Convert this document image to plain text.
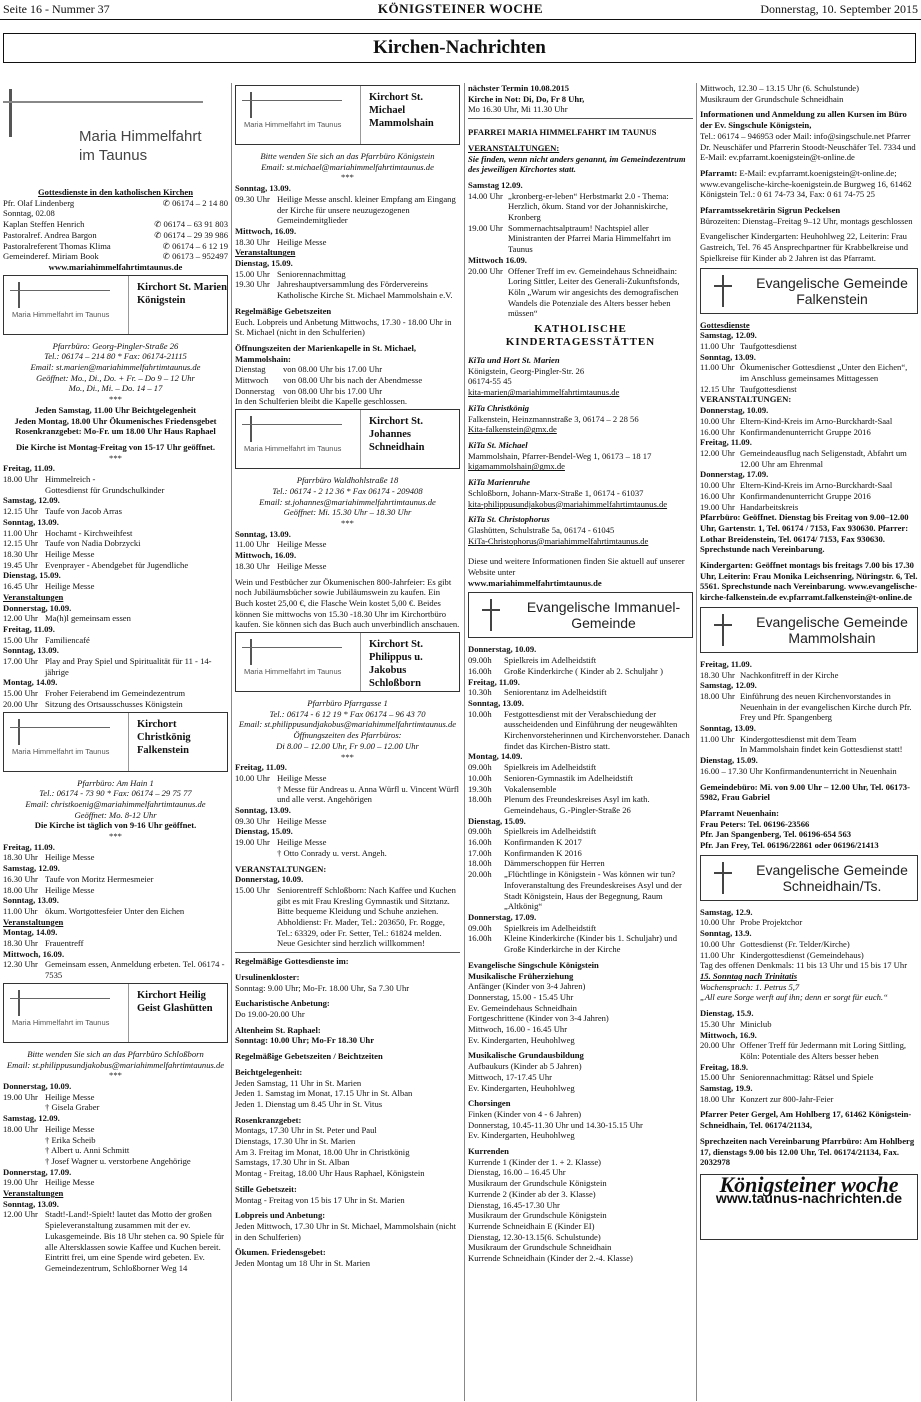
Seite 16 - Nummer 37	KÖNIGSTEINER WOCHE	Donnerstag, 10. September 2015
Kirchen-Nachrichten
Maria Himmelfahrt im Taunus
Gottesdienste in den katholischen Kirchen
Pfr. Olaf Lindenberg	✆ 06174 – 2 14 80
Sonntag, 02.08
Kaplan Steffen Henrich	✆ 06174 – 63 91 803
Pastoralref. Andrea Bargon	✆ 06174 – 29 39 986
Pastoralreferent Thomas Klima	✆ 06174 – 6 12 19
Gemeinderef. Miriam Book	✆ 06173 – 952497
www.mariahimmelfahrtimtaunus.de
Maria Himmelfahrt im Taunus
Kirchort St. Marien Königstein
Pfarrbüro: Georg-Pingler-Straße 26
Tel.: 06174 – 214 80 * Fax: 06174-21115
Email: st.marien@mariahimmelfahrtimtaunus.de
Geöffnet: Mo., Di., Do. + Fr. – Do 9 – 12 Uhr
Mo., Di., Mi. – Do. 14 – 17
***
Jeden Samstag, 11.00 Uhr Beichtgelegenheit
Jeden Montag, 18.00 Uhr Ökumenisches Friedensgebet
Rosenkranzgebet: Mo-Fr. um 18.00 Uhr Haus Raphael
Die Kirche ist Montag-Freitag von 15-17 Uhr geöffnet.
***
Freitag, 11.09.
18.00 Uhr Himmelreich -
Gottesdienst für Grundschulkinder
Samstag, 12.09.
12.15 Uhr Taufe von Jacob Arras
Sonntag, 13.09.
11.00 Uhr Hochamt - Kirchweihfest
12.15 Uhr Taufe von Nadia Dobrzycki
18.30 Uhr Heilige Messe
19.45 Uhr Evenprayer - Abendgebet für Jugendliche
Dienstag, 15.09.
16.45 Uhr Heilige Messe
Veranstaltungen
Donnerstag, 10.09.
12.00 Uhr Ma(h)l gemeinsam essen
Freitag, 11.09.
15.00 Uhr Familiencafé
Sonntag, 13.09.
17.00 Uhr Play and Pray Spiel und Spiritualität für 11 - 14-jährige
Montag, 14.09.
15.00 Uhr Froher Feierabend im Gemeindezentrum
20.00 Uhr Sitzung des Ortsausschusses Königstein
Maria Himmelfahrt im Taunus
Kirchort Christkönig Falkenstein
Pfarrbüro: Am Hain 1
Tel.: 06174 - 73 90 * Fax: 06174 – 29 75 77
Email: christkoenig@mariahimmelfahrtimtaunus.de
Geöffnet: Mo. 8-12 Uhr
Die Kirche ist täglich von 9-16 Uhr geöffnet.
***
Freitag, 11.09.
18.30 Uhr Heilige Messe
Samstag, 12.09.
16.30 Uhr Taufe von Moritz Hermesmeier
18.00 Uhr Heilige Messe
Sonntag, 13.09.
11.00 Uhr ökum. Wortgottesfeier Unter den Eichen
Veranstaltungen
Montag, 14.09.
18.30 Uhr Frauentreff
Mittwoch, 16.09.
12.30 Uhr Gemeinsam essen, Anmeldung erbeten. Tel. 06174 - 7535
Maria Himmelfahrt im Taunus
Kirchort Heilig Geist Glashütten
Bitte wenden Sie sich an das Pfarrbüro Schloßborn
Email: st.philippusundjakobus@mariahimmelfahrtimtaunus.de
***
Donnerstag, 10.09.
19.00 Uhr Heilige Messe
† Gisela Graber
Samstag, 12.09.
18.00 Uhr Heilige Messe
† Erika Scheib
† Albert u. Anni Schmitt
† Josef Wagner u. verstorbene Angehörige
Donnerstag, 17.09.
19.00 Uhr Heilige Messe
Veranstaltungen
Sonntag, 13.09.
12.00 Uhr Stadt!-Land!-Spielt! lautet das Motto der großen Spieleveranstaltung zusammen mit der ev. Lukasgemeinde. Bis 18 Uhr stehen ca. 90 Spiele für alle Altersklassen sowie Kaffee und Kuchen bereit. Eintritt frei, um eine Spende wird gebeten. Ev. Gemeindezentrum, Schloßborner Weg 14
Maria Himmelfahrt im Taunus
Kirchort St. Michael Mammolshain
Bitte wenden Sie sich an das Pfarrbüro Königstein
Email: st.michael@mariahimmelfahrtimtaunus.de
***
Sonntag, 13.09.
09.30 Uhr Heilige Messe anschl. kleiner Empfang am Eingang der Kirche für unsere neuzugezogenen Gemeindemitglieder
Mittwoch, 16.09.
18.30 Uhr Heilige Messe
Veranstaltungen
Dienstag, 15.09.
15.00 Uhr Seniorennachmittag
19.30 Uhr Jahreshauptversammlung des Fördervereins Katholische Kirche St. Michael Mammolshain e.V.
Regelmäßige Gebetszeiten
Euch. Lobpreis und Anbetung Mittwochs, 17.30 - 18.00 Uhr in St. Michael (nicht in den Schulferien)
Öffnungszeiten der Marienkapelle in St. Michael, Mammolshain:
Dienstag	von 08.00 Uhr bis 17.00 Uhr
Mittwoch	von 08.00 Uhr bis nach der Abendmesse
Donnerstag von 08.00 Uhr bis 17.00 Uhr
In den Schulferien bleibt die Kapelle geschlossen.
Maria Himmelfahrt im Taunus
Kirchort St. Johannes Schneidhain
Pfarrbüro Waldhohlstraße 18
Tel.: 06174 - 2 12 36 * Fax 06174 - 209408
Email: st.johannes@mariahimmelfahrtimtaunus.de
Geöffnet: Mi. 15.30 Uhr – 18.30 Uhr
***
Sonntag, 13.09.
11.00 Uhr Heilige Messe
Mittwoch, 16.09.
18.30 Uhr Heilige Messe
Wein und Festbücher zur Ökumenischen 800-Jahrfeier: Es gibt noch Jubiläumsbücher sowie Jubiläumswein zu kaufen. Ein Buch kostet 25,00 €, die Flasche Wein kostet 5,00 €. Beides können Sie mittwochs von 15.30 -18.30 Uhr im Kirchortbüro kaufen. Sie können sich das Buch auch unverbindlich anschauen.
Maria Himmelfahrt im Taunus
Kirchort St. Philippus u. Jakobus Schloßborn
Pfarrbüro Pfarrgasse 1
Tel.: 06174 - 6 12 19 * Fax 06174 – 96 43 70
Email: st.philippusundjakobus@mariahimmelfahrtimtaunus.de
Öffnungszeiten des Pfarrbüros:
Di 8.00 – 12.00 Uhr, Fr 9.00 – 12.00 Uhr
***
Freitag, 11.09.
10.00 Uhr Heilige Messe
† Messe für Andreas u. Anna Würfl u. Vincent Würfl und alle verst. Angehörigen
Sonntag, 13.09.
09.30 Uhr Heilige Messe
Dienstag, 15.09.
19.00 Uhr Heilige Messe
† Otto Conrady u. verst. Angeh.
VERANSTALTUNGEN:
Donnerstag, 10.09.
15.00 Uhr Seniorentreff Schloßborn: Nach Kaffee und Kuchen gibt es mit Frau Kresling Gymnastik und Sitztanz. Bitte bequeme Kleidung und Schuhe anziehen. Abholdienst: Fr. Mader, Tel.: 203650, Fr. Rogge, Tel.: 63329, oder Fr. Setter, Tel.: 61824 melden. Neue Gesichter sind herzlich willkommen!
Regelmäßige Gottesdienste im:
Ursulinenkloster:
Sonntag: 9.00 Uhr; Mo-Fr. 18.00 Uhr, Sa 7.30 Uhr
Eucharistische Anbetung:
Do 19.00-20.00 Uhr
Altenheim St. Raphael:
Sonntag: 10.00 Uhr; Mo-Fr 18.30 Uhr
Regelmäßige Gebetszeiten / Beichtzeiten
Beichtgelegenheit:
Jeden Samstag, 11 Uhr in St. Marien
Jeden 1. Samstag im Monat, 17.15 Uhr in St. Alban
Jeden 1. Dienstag um 8.45 Uhr in St. Vitus
Rosenkranzgebet:
Montags, 17.30 Uhr in St. Peter und Paul
Dienstags, 17.30 Uhr in St. Marien
Am 3. Freitag im Monat, 18.00 Uhr in Christkönig
Samstags, 17.30 Uhr in St. Alban
Montag - Freitag, 18.00 Uhr Haus Raphael, Königstein
Stille Gebetszeit:
Montag - Freitag von 15 bis 17 Uhr in St. Marien
Lobpreis und Anbetung:
Jeden Mittwoch, 17.30 Uhr in St. Michael, Mammolshain (nicht in den Schulferien)
Ökumen. Friedensgebet:
Jeden Montag um 18 Uhr in St. Marien
nächster Termin 10.08.2015
Kirche in Not: Di, Do, Fr 8 Uhr,
Mo 16.30 Uhr, Mi 11.30 Uhr
PFARREI MARIA HIMMELFAHRT IM TAUNUS
VERANSTALTUNGEN:
Sie finden, wenn nicht anders genannt, im Gemeindezentrum des jeweiligen Kirchortes statt.
Samstag 12.09.
14.00 Uhr „kronberg-er-leben“ Herbstmarkt 2.0 - Thema: Herzlich, ökum. Stand vor der Johanniskirche, Kronberg
19.00 Uhr Sommernachtsalptraum! Nachtspiel aller Ministranten der Pfarrei Maria Himmelfahrt im Taunus
Mittwoch 16.09.
20.00 Uhr Offener Treff im ev. Gemeindehaus Schneidhain: Loring Sittler, Leiter des Generali-Zukunftsfonds, Köln „Warum wir angesichts des demografischen Wandels die Potenziale des Alters besser heben müssen“
KATHOLISCHE KINDERTAGESSTÄTTEN
KiTa und Hort St. Marien
Königstein, Georg-Pingler-Str. 26
06174-55 45
kita-marien@mariahimmelfahrtimtaunus.de
KiTa Christkönig
Falkenstein, Heinzmannstraße 3, 06174 – 2 28 56
Kita-falkenstein@gmx.de
KiTa St. Michael
Mammolshain, Pfarrer-Bendel-Weg 1, 06173 – 18 17
kigamammolshain@gmx.de
KiTa Marienruhe
Schloßborn, Johann-Marx-Straße 1, 06174 - 61037
kita-philippusundjakobus@mariahimmelfahrtimtaunus.de
KiTa St. Christophorus
Glashütten, Schulstraße 5a, 06174 - 61045
KiTa-Christophorus@mariahimmelfahrtimtaunus.de
Diese und weitere Informationen finden Sie aktuell auf unserer Website unter
www.mariahimmelfahrtimtaunus.de
Evangelische Immanuel-Gemeinde
Donnerstag, 10.09.
09.00h	Spielkreis im Adelheidstift
16.00h	Große Kinderkirche ( Kinder ab 2. Schuljahr )
Freitag, 11.09.
10.30h	Seniorentanz im Adelheidstift
Sonntag, 13.09.
10.00h	Festgottesdienst mit der Verabschiedung der ausscheidenden und Einführung der neugewählten Kirchenvorsteherinnen und Kirchenvorsteher. Danach findet das Kirchen-Bistro statt.
Montag, 14.09.
09.00h	Spielkreis im Adelheidstift
10.00h	Senioren-Gymnastik im Adelheidstift
19.30h	Vokalensemble
18.00h	Plenum des Freundeskreises Asyl im kath. Gemeindehaus, G.-Pingler-Straße 26
Dienstag, 15.09.
09.00h	Spielkreis im Adelheidstift
16.00h	Konfirmanden K 2017
17.00h	Konfirmanden K 2016
18.00h	Dämmerschoppen für Herren
20.00h	„Flüchtlinge in Königstein - Was können wir tun? Infoveranstaltung des Freundeskreises Asyl und der Stadt Königstein, Haus der Begegnung, Raum „Altkönig“
Donnerstag, 17.09.
09.00h	Spielkreis im Adelheidstift
16.00h	Kleine Kinderkirche (Kinder bis 1. Schuljahr) und Große Kinderkirche in der Kirche
Evangelische Singschule Königstein
Musikalische Früherziehung
Anfänger (Kinder von 3-4 Jahren)
Donnerstag, 15.00 - 15.45 Uhr
Ev. Gemeindehaus Schneidhain
Fortgeschrittene (Kinder von 3-4 Jahren)
Mittwoch, 16.00 - 16.45 Uhr
Ev. Kindergarten, Heuhohlweg
Musikalische Grundausbildung
Aufbaukurs (Kinder ab 5 Jahren)
Mittwoch, 17-17.45 Uhr
Ev. Kindergarten, Heuhohlweg
Chorsingen
Finken (Kinder von 4 - 6 Jahren)
Donnerstag, 10.45-11.30 Uhr und 14.30-15.15 Uhr
Ev. Kindergarten, Heuhohlweg
Kurrenden
Kurrende 1 (Kinder der 1. + 2. Klasse)
Dienstag, 16.00 – 16.45 Uhr
Musikraum der Grundschule Königstein
Kurrende 2 (Kinder ab der 3. Klasse)
Dienstag, 16.45-17.30 Uhr
Musikraum der Grundschule Königstein
Kurrende Schneidhain E (Kinder EI)
Dienstag, 12.30-13.15(6. Schulstunde)
Musikraum der Grundschule Schneidhain
Kurrende Schneidhain (Kinder der 2.-4. Klasse)
Mittwoch, 12.30 – 13.15 Uhr (6. Schulstunde)
Musikraum der Grundschule Schneidhain
Informationen und Anmeldung zu allen Kursen im Büro der Ev. Singschule Königstein,
Tel.: 06174 – 946953 oder Mail: info@singschule.net Pfarrer Dr. Neuschäfer und Pfarrerin Stoodt-Neuschäfer Tel. 7334 und E-Mail: ev.pfarramt.koenigstein@t-online.de
Pfarramt: E-Mail: ev.pfarramt.koenigstein@t-online.de; www.evangelische-kirche-koenigstein.de Burgweg 16, 61462 Königstein Tel.: 0 61 74-73 34, Fax: 0 61 74-75 25
Pfarramtssekretärin Sigrun Peckelsen
Bürozeiten: Dienstag–Freitag 9–12 Uhr, montags geschlossen
Evangelischer Kindergarten: Heuhohlweg 22, Leiterin: Frau Gastreich, Tel. 76 45 Ansprechpartner für Krabbelkreise und Spielkreise für Kinder ab 2 Jahren ist das Pfarramt.
Evangelische Gemeinde Falkenstein
Gottesdienste
Samstag, 12.09.
11.00 Uhr Taufgottesdienst
Sonntag, 13.09.
11.00 Uhr Ökumenischer Gottesdienst „Unter den Eichen“, im Anschluss gemeinsames Mittagessen
12.15 Uhr Taufgottesdienst
VERANSTALTUNGEN:
Donnerstag, 10.09.
10.00 Uhr Eltern-Kind-Kreis im Arno-Burckhardt-Saal
16.00 Uhr Konfirmandenunterricht Gruppe 2016
Freitag, 11.09.
12.00 Uhr Gemeindeausflug nach Seligenstadt, Abfahrt um 12.00 Uhr am Ehrenmal
Donnerstag, 17.09.
10.00 Uhr Eltern-Kind-Kreis im Arno-Burckhardt-Saal
16.00 Uhr Konfirmandenunterricht Gruppe 2016
19.00 Uhr Handarbeitskreis
Pfarrbüro: Geöffnet. Dienstag bis Freitag von 9.00–12.00 Uhr, Gartenstr. 1, Tel. 06174 / 7153, Fax 930630. Pfarrer: Lothar Breidenstein, Tel. 06174/ 7153, Fax 930630. Sprechstunde nach Vereinbarung.
Kindergarten: Geöffnet montags bis freitags 7.00 bis 17.30 Uhr, Leiterin: Frau Monika Leichsenring, Nüringstr. 6, Tel. 5561. Sprechstunde nach Vereinbarung. www.evangelische-kirche-falkenstein.de ev.pfarramt.falkenstein@t-online.de
Evangelische Gemeinde Mammolshain
Freitag, 11.09.
18.30 Uhr Nachkonfitreff in der Kirche
Samstag, 12.09.
18.00 Uhr Einführung des neuen Kirchenvorstandes in Neuenhain in der evangelischen Kirche durch Pfr. Frey und Pfr. Spangenberg
Sonntag, 13.09.
11.00 Uhr Kindergottesdienst mit dem Team
In Mammolshain findet kein Gottesdienst statt!
Dienstag, 15.09.
16.00 – 17.30 Uhr Konfirmandenunterricht in Neuenhain
Gemeindebüro: Mi. von 9.00 Uhr – 12.00 Uhr, Tel. 06173-5982, Frau Gabriel
Pfarramt Neuenhain:
Frau Peters: Tel. 06196-23566
Pfr. Jan Spangenberg, Tel. 06196-654 563
Pfr. Jan Frey, Tel. 06196/22861 oder 06196/21413
Evangelische Gemeinde Schneidhain/Ts.
Samstag, 12.9.
10.00 Uhr Probe Projektchor
Sonntag, 13.9.
10.00 Uhr Gottesdienst (Fr. Telder/Kirche)
11.00 Uhr Kindergottesdienst (Gemeindehaus)
Tag des offenen Denkmals: 11 bis 13 Uhr und 15 bis 17 Uhr
15. Sonntag nach Trinitatis
Wochenspruch: 1. Petrus 5,7
„All eure Sorge werft auf ihn; denn er sorgt für euch.“
Dienstag, 15.9.
15.30 Uhr Miniclub
Mittwoch, 16.9.
20.00 Uhr Offener Treff für Jedermann mit Loring Sittling, Köln: Potentiale des Alters besser heben
Freitag, 18.9.
15.00 Uhr Seniorennachmittag: Rätsel und Spiele
Samstag, 19.9.
18.00 Uhr Konzert zur 800-Jahr-Feier
Pfarrer Peter Gergel, Am Hohlberg 17, 61462 Königstein-Schneidhain, Tel. 06174/21134,
Sprechzeiten nach Vereinbarung Pfarrbüro: Am Hohlberg 17, dienstags 9.00 bis 12.00 Uhr, Tel. 06174/21134, Fax. 2032978
Königsteiner woche
www.taunus-nachrichten.de
